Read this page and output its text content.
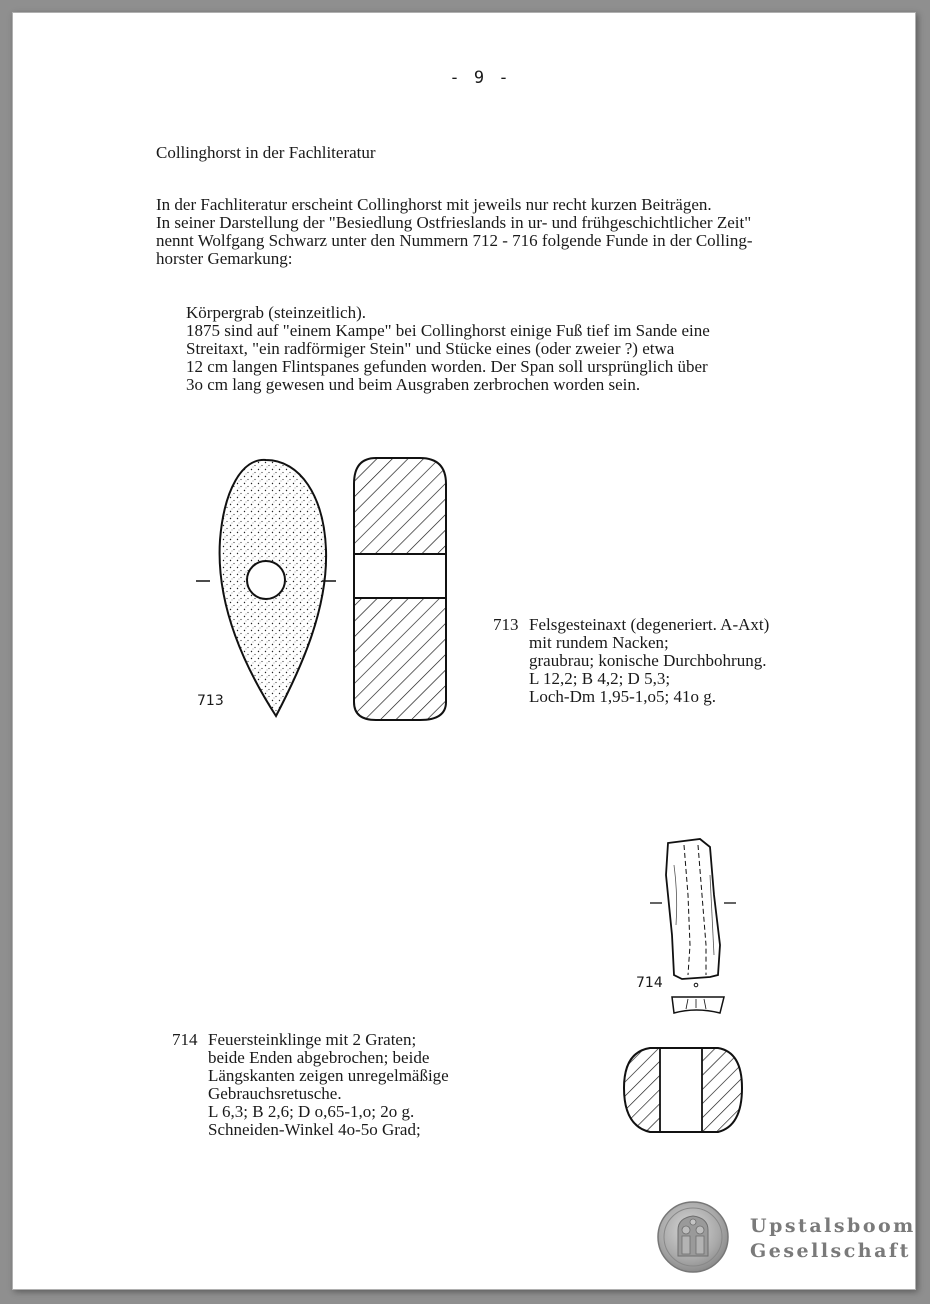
- 9 -
Collinghorst in der Fachliteratur
In der Fachliteratur erscheint Collinghorst mit jeweils nur recht kurzen Beiträgen.
In seiner Darstellung der "Besiedlung Ostfrieslands in ur- und frühgeschichtlicher Zeit"
nennt Wolfgang Schwarz unter den Nummern 712 - 716 folgende Funde in der Colling-
horster Gemarkung:
Körpergrab (steinzeitlich).
1875 sind auf "einem Kampe" bei Collinghorst einige Fuß tief im Sande eine
Streitaxt, "ein radförmiger Stein" und Stücke eines (oder zweier ?) etwa
12 cm langen Flintspanes gefunden worden. Der Span soll ursprünglich über
3o cm lang gewesen und beim Ausgraben zerbrochen worden sein.
713
713 Felsgesteinaxt (degeneriert. A-Axt)
mit rundem Nacken;
graubrau; konische Durchbohrung.
L 12,2; B 4,2; D 5,3;
Loch-Dm 1,95-1,o5; 41o g.
714
714 Feuersteinklinge mit 2 Graten;
beide Enden abgebrochen; beide
Längskanten zeigen unregelmäßige
Gebrauchsretusche.
L 6,3; B 2,6; D o,65-1,o; 2o g.
Schneiden-Winkel 4o-5o Grad;
Upstalsboom
Gesellschaft
